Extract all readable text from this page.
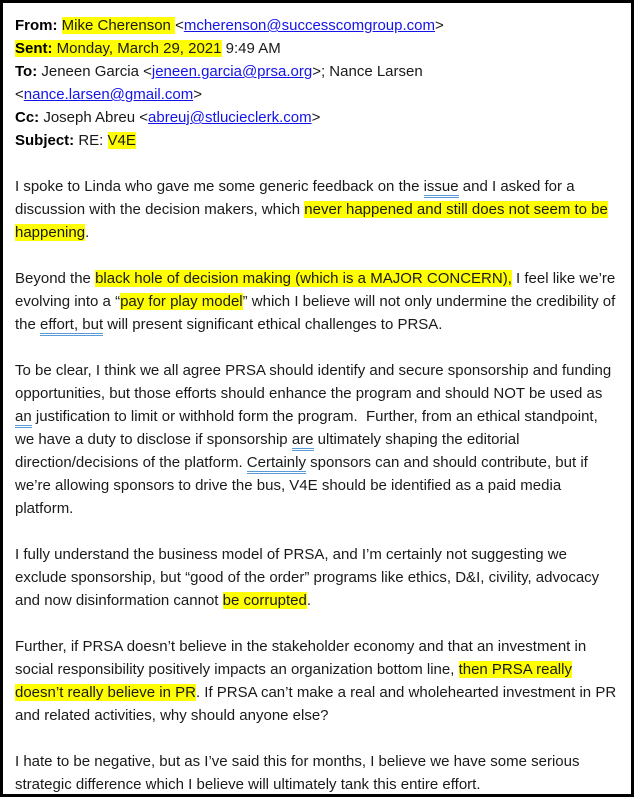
From: Mike Cherenson <mcherenson@successcomgroup.com>
Sent: Monday, March 29, 2021 9:49 AM
To: Jeneen Garcia <jeneen.garcia@prsa.org>; Nance Larsen
<nance.larsen@gmail.com>
Cc: Joseph Abreu <abreuj@stlucieclerk.com>
Subject: RE: V4E

I spoke to Linda who gave me some generic feedback on the issue and I asked for a discussion with the decision makers, which never happened and still does not seem to be happening.

Beyond the black hole of decision making (which is a MAJOR CONCERN), I feel like we’re evolving into a “pay for play model” which I believe will not only undermine the credibility of the effort, but will present significant ethical challenges to PRSA.

To be clear, I think we all agree PRSA should identify and secure sponsorship and funding opportunities, but those efforts should enhance the program and should NOT be used as an justification to limit or withhold form the program.  Further, from an ethical standpoint, we have a duty to disclose if sponsorship are ultimately shaping the editorial direction/decisions of the platform. Certainly sponsors can and should contribute, but if we’re allowing sponsors to drive the bus, V4E should be identified as a paid media platform.

I fully understand the business model of PRSA, and I’m certainly not suggesting we exclude sponsorship, but “good of the order” programs like ethics, D&I, civility, advocacy and now disinformation cannot be corrupted.

Further, if PRSA doesn’t believe in the stakeholder economy and that an investment in social responsibility positively impacts an organization bottom line, then PRSA really doesn’t really believe in PR. If PRSA can’t make a real and wholehearted investment in PR and related activities, why should anyone else?

I hate to be negative, but as I’ve said this for months, I believe we have some serious strategic difference which I believe will ultimately tank this entire effort.
